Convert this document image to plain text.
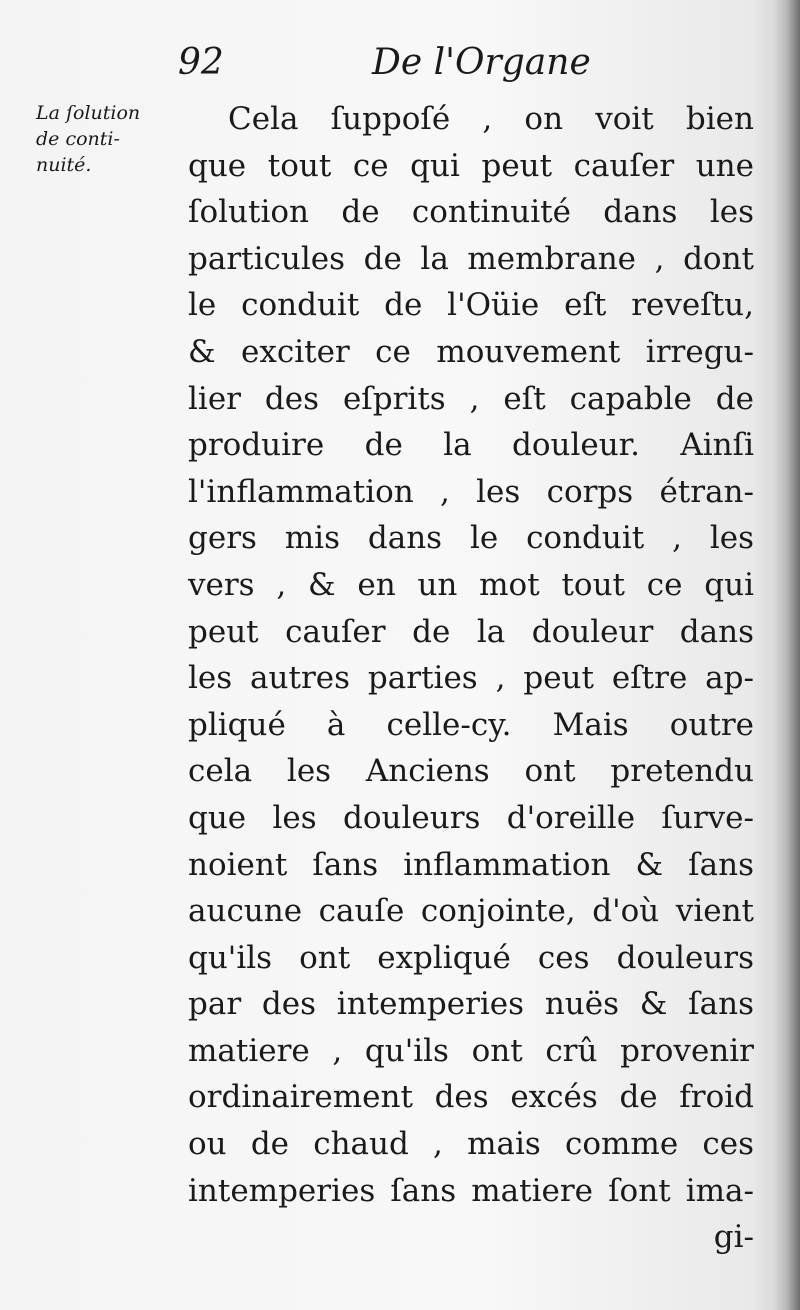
92	De l'Organe
La ſolution
de conti-
nuité.
Cela ſuppoſé , on voit bien
que tout ce qui peut cauſer une
ſolution de continuité dans les
particules de la membrane , dont
le conduit de l'Oüie eſt reveſtu,
& exciter ce mouvement irregu-
lier des eſprits , eſt capable de
produire de la douleur. Ainſi
l'inflammation , les corps étran-
gers mis dans le conduit , les
vers , & en un mot tout ce qui
peut cauſer de la douleur dans
les autres parties , peut eſtre ap-
pliqué à celle-cy. Mais outre
cela les Anciens ont pretendu
que les douleurs d'oreille ſurve-
noient ſans inflammation & ſans
aucune cauſe conjointe, d'où vient
qu'ils ont expliqué ces douleurs
par des intemperies nuës & ſans
matiere , qu'ils ont crû provenir
ordinairement des excés de froid
ou de chaud , mais comme ces
intemperies ſans matiere ſont ima-
gi-
